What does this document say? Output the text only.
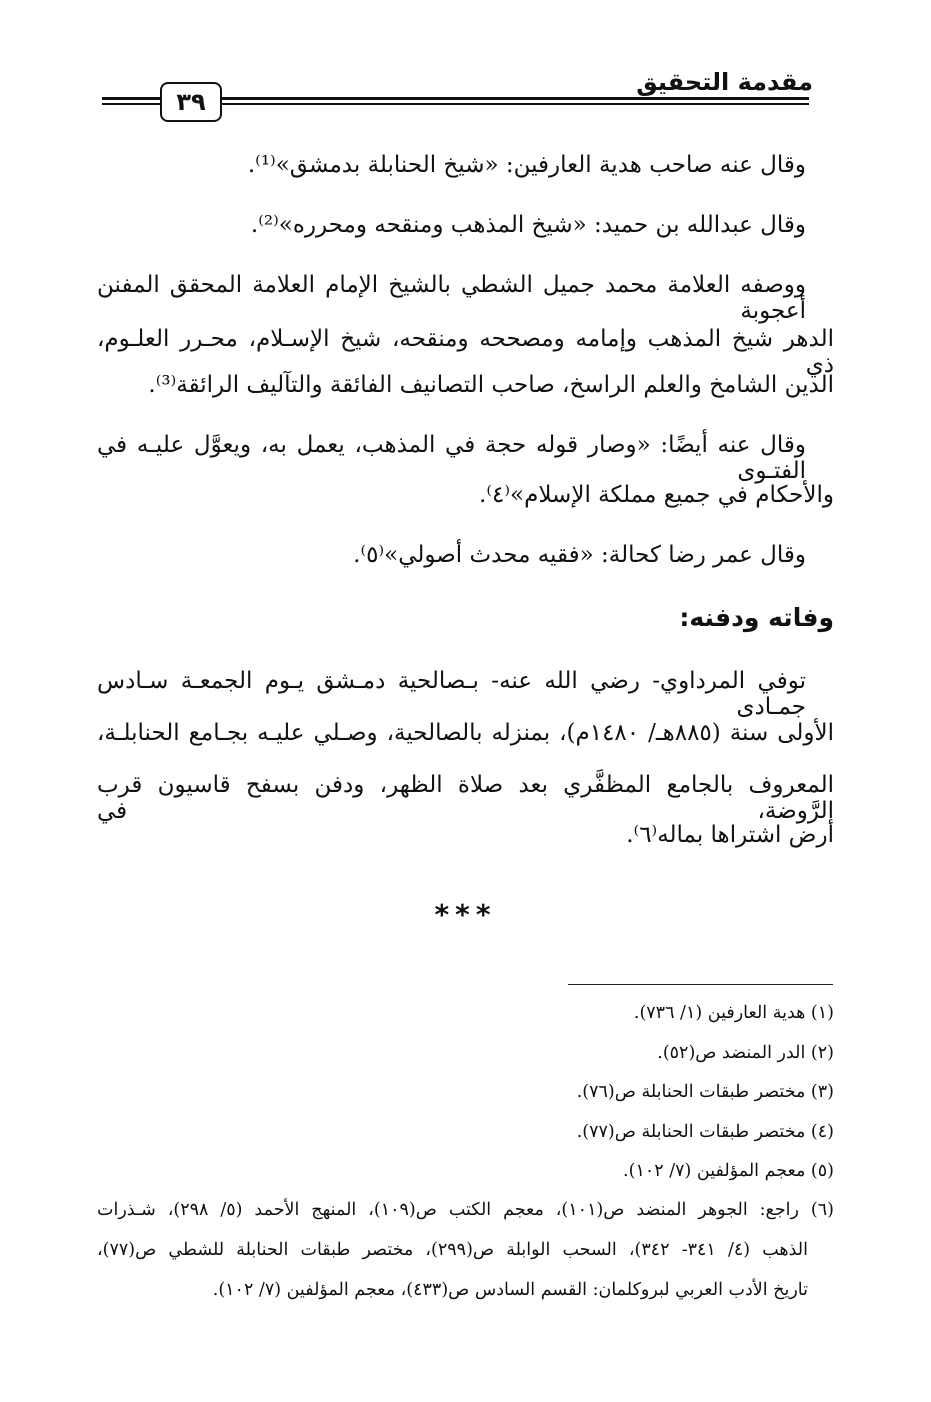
مقدمة التحقيق
٣٩
وقال عنه صاحب هدية العارفين: «شيخ الحنابلة بدمشق»⁽¹⁾.
وقال عبدالله بن حميد: «شيخ المذهب ومنقحه ومحرره»⁽²⁾.
ووصفه العلامة محمد جميل الشطي بالشيخ الإمام العلامة المحقق المفنن أعجوبة
الدهر شيخ المذهب وإمامه ومصححه ومنقحه، شيخ الإسـلام، محـرر العلـوم، ذي
الدين الشامخ والعلم الراسخ، صاحب التصانيف الفائقة والتآليف الرائقة⁽³⁾.
وقال عنه أيضًا: «وصار قوله حجة في المذهب، يعمل به، ويعوَّل عليـه في الفتـوى
والأحكام في جميع مملكة الإسلام»⁽٤⁾.
وقال عمر رضا كحالة: «فقيه محدث أصولي»⁽٥⁾.
وفاته ودفنه:
توفي المرداوي- رضي الله عنه- بـصالحية دمـشق يـوم الجمعـة سـادس جمـادى
الأولى سنة (٨٨٥هـ/ ١٤٨٠م)، بمنزله بالصالحية، وصـلي عليـه بجـامع الحنابلـة،
المعروف بالجامع المظفَّري بعد صلاة الظهر، ودفن بسفح قاسيون قرب الرَّوضة، في
أرض اشتراها بماله⁽٦⁾.
***
(١) هدية العارفين (١/ ٧٣٦).
(٢) الدر المنضد ص(٥٢).
(٣) مختصر طبقات الحنابلة ص(٧٦).
(٤) مختصر طبقات الحنابلة ص(٧٧).
(٥) معجم المؤلفين (٧/ ١٠٢).
(٦) راجع: الجوهر المنضد ص(١٠١)، معجم الكتب ص(١٠٩)، المنهج الأحمد (٥/ ٢٩٨)، شـذرات
الذهب (٤/ ٣٤١- ٣٤٢)، السحب الوابلة ص(٢٩٩)، مختصر طبقات الحنابلة للشطي ص(٧٧)،
تاريخ الأدب العربي لبروكلمان: القسم السادس ص(٤٣٣)، معجم المؤلفين (٧/ ١٠٢).
